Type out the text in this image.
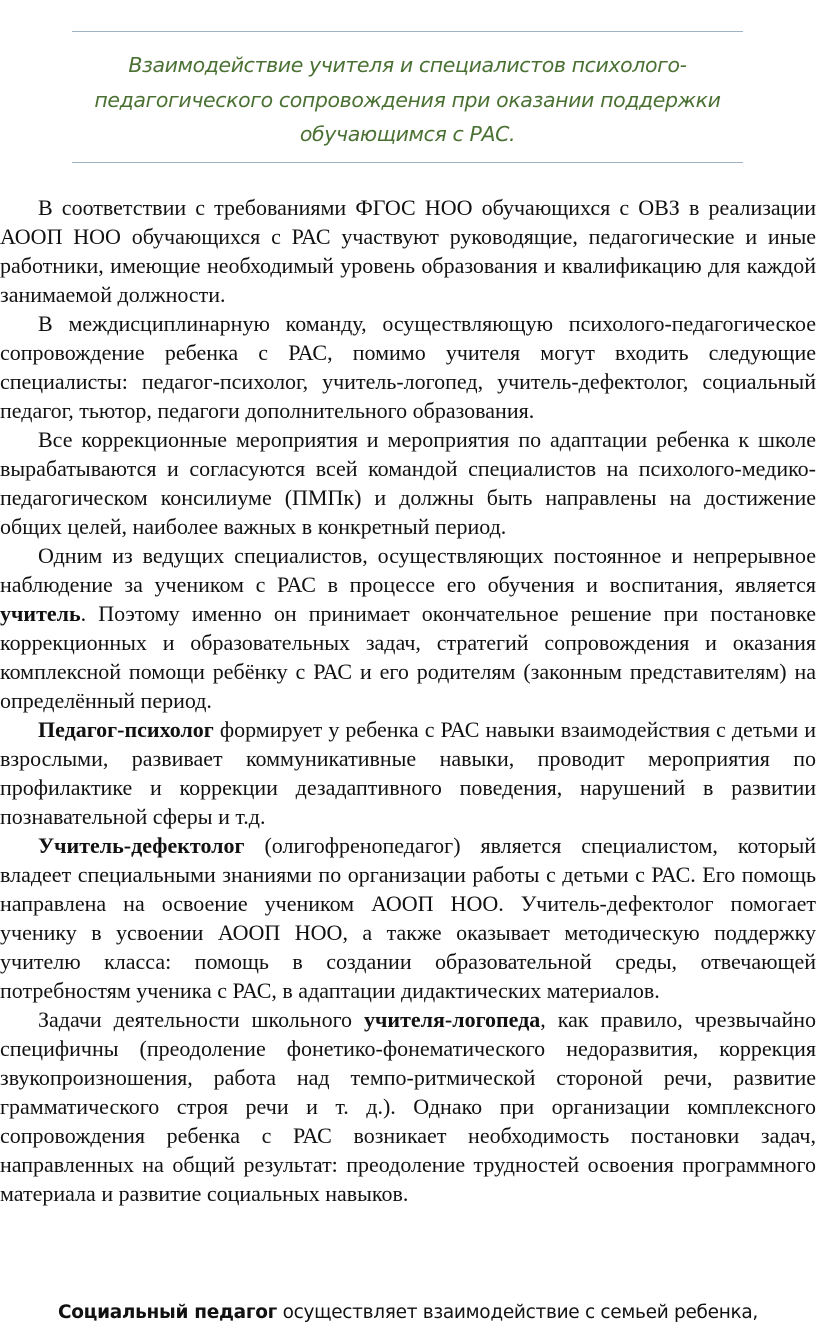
Взаимодействие учителя и специалистов психолого-педагогического сопровождения при оказании поддержки обучающимся с РАС.

В соответствии с требованиями ФГОС НОО обучающихся с ОВЗ в реализации АООП НОО обучающихся с РАС участвуют руководящие, педагогические и иные работники, имеющие необходимый уровень образования и квалификацию для каждой занимаемой должности.

В междисциплинарную команду, осуществляющую психолого-педагогическое сопровождение ребенка с РАС, помимо учителя могут входить следующие специалисты: педагог-психолог, учитель-логопед, учитель-дефектолог, социальный педагог, тьютор, педагоги дополнительного образования.

Все коррекционные мероприятия и мероприятия по адаптации ребенка к школе вырабатываются и согласуются всей командой специалистов на психолого-медико-педагогическом консилиуме (ПМПк) и должны быть направлены на достижение общих целей, наиболее важных в конкретный период.

Одним из ведущих специалистов, осуществляющих постоянное и непрерывное наблюдение за учеником с РАС в процессе его обучения и воспитания, является учитель. Поэтому именно он принимает окончательное решение при постановке коррекционных и образовательных задач, стратегий сопровождения и оказания комплексной помощи ребёнку с РАС и его родителям (законным представителям) на определённый период.

Педагог-психолог формирует у ребенка с РАС навыки взаимодействия с детьми и взрослыми, развивает коммуникативные навыки, проводит мероприятия по профилактике и коррекции дезадаптивного поведения, нарушений в развитии познавательной сферы и т.д.

Учитель-дефектолог (олигофренопедагог) является специалистом, который владеет специальными знаниями по организации работы с детьми с РАС. Его помощь направлена на освоение учеником АООП НОО. Учитель-дефектолог помогает ученику в усвоении АООП НОО, а также оказывает методическую поддержку учителю класса: помощь в создании образовательной среды, отвечающей потребностям ученика с РАС, в адаптации дидактических материалов.

Задачи деятельности школьного учителя-логопеда, как правило, чрезвычайно специфичны (преодоление фонетико-фонематического недоразвития, коррекция звукопроизношения, работа над темпо-ритмической стороной речи, развитие грамматического строя речи и т. д.). Однако при организации комплексного сопровождения ребенка с РАС возникает необходимость постановки задач, направленных на общий результат: преодоление трудностей освоения программного материала и развитие социальных навыков.

Социальный педагог осуществляет взаимодействие с семьей ребенка,
